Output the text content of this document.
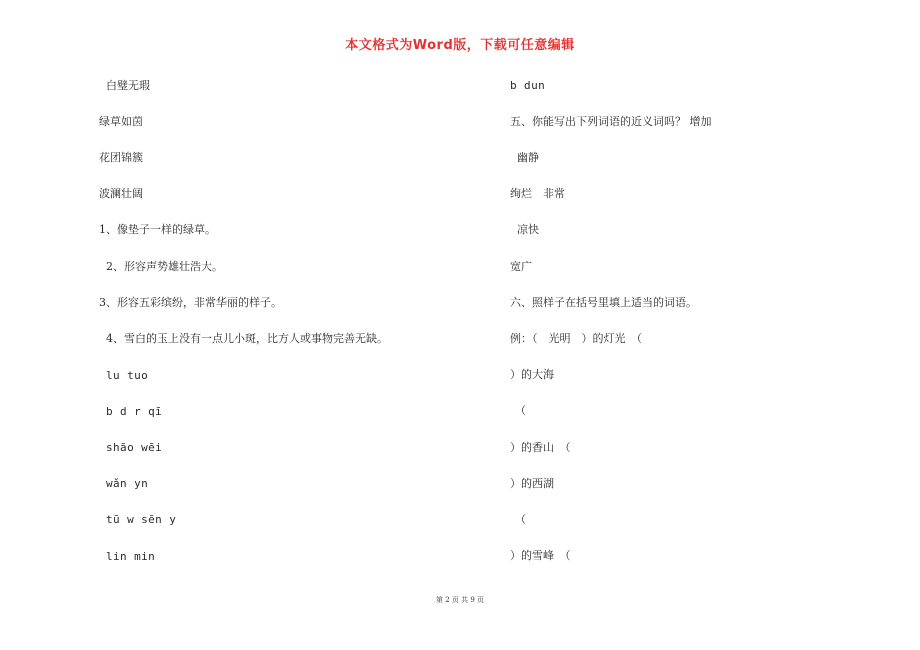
本文格式为Word版，下载可任意编辑
白璧无瑕
绿草如茵
花团锦簇
波澜壮阔
1、像垫子一样的绿草。
2、形容声势雄壮浩大。
3、形容五彩缤纷，非常华丽的样子。
4、雪白的玉上没有一点儿小斑，比方人或事物完善无缺。
lu tuo
b d r qī
shāo wēi
wǎn yn
tū w sēn y
lin min
b dun
五、你能写出下列词语的近义词吗？ 增加
幽静
绚烂　非常
凉快
宽广
六、照样子在括号里填上适当的词语。
例：（　光明　）的灯光　（
）的大海
（
）的香山　（
）的西湖
（
）的雪峰　（
第 2 页 共 9 页
